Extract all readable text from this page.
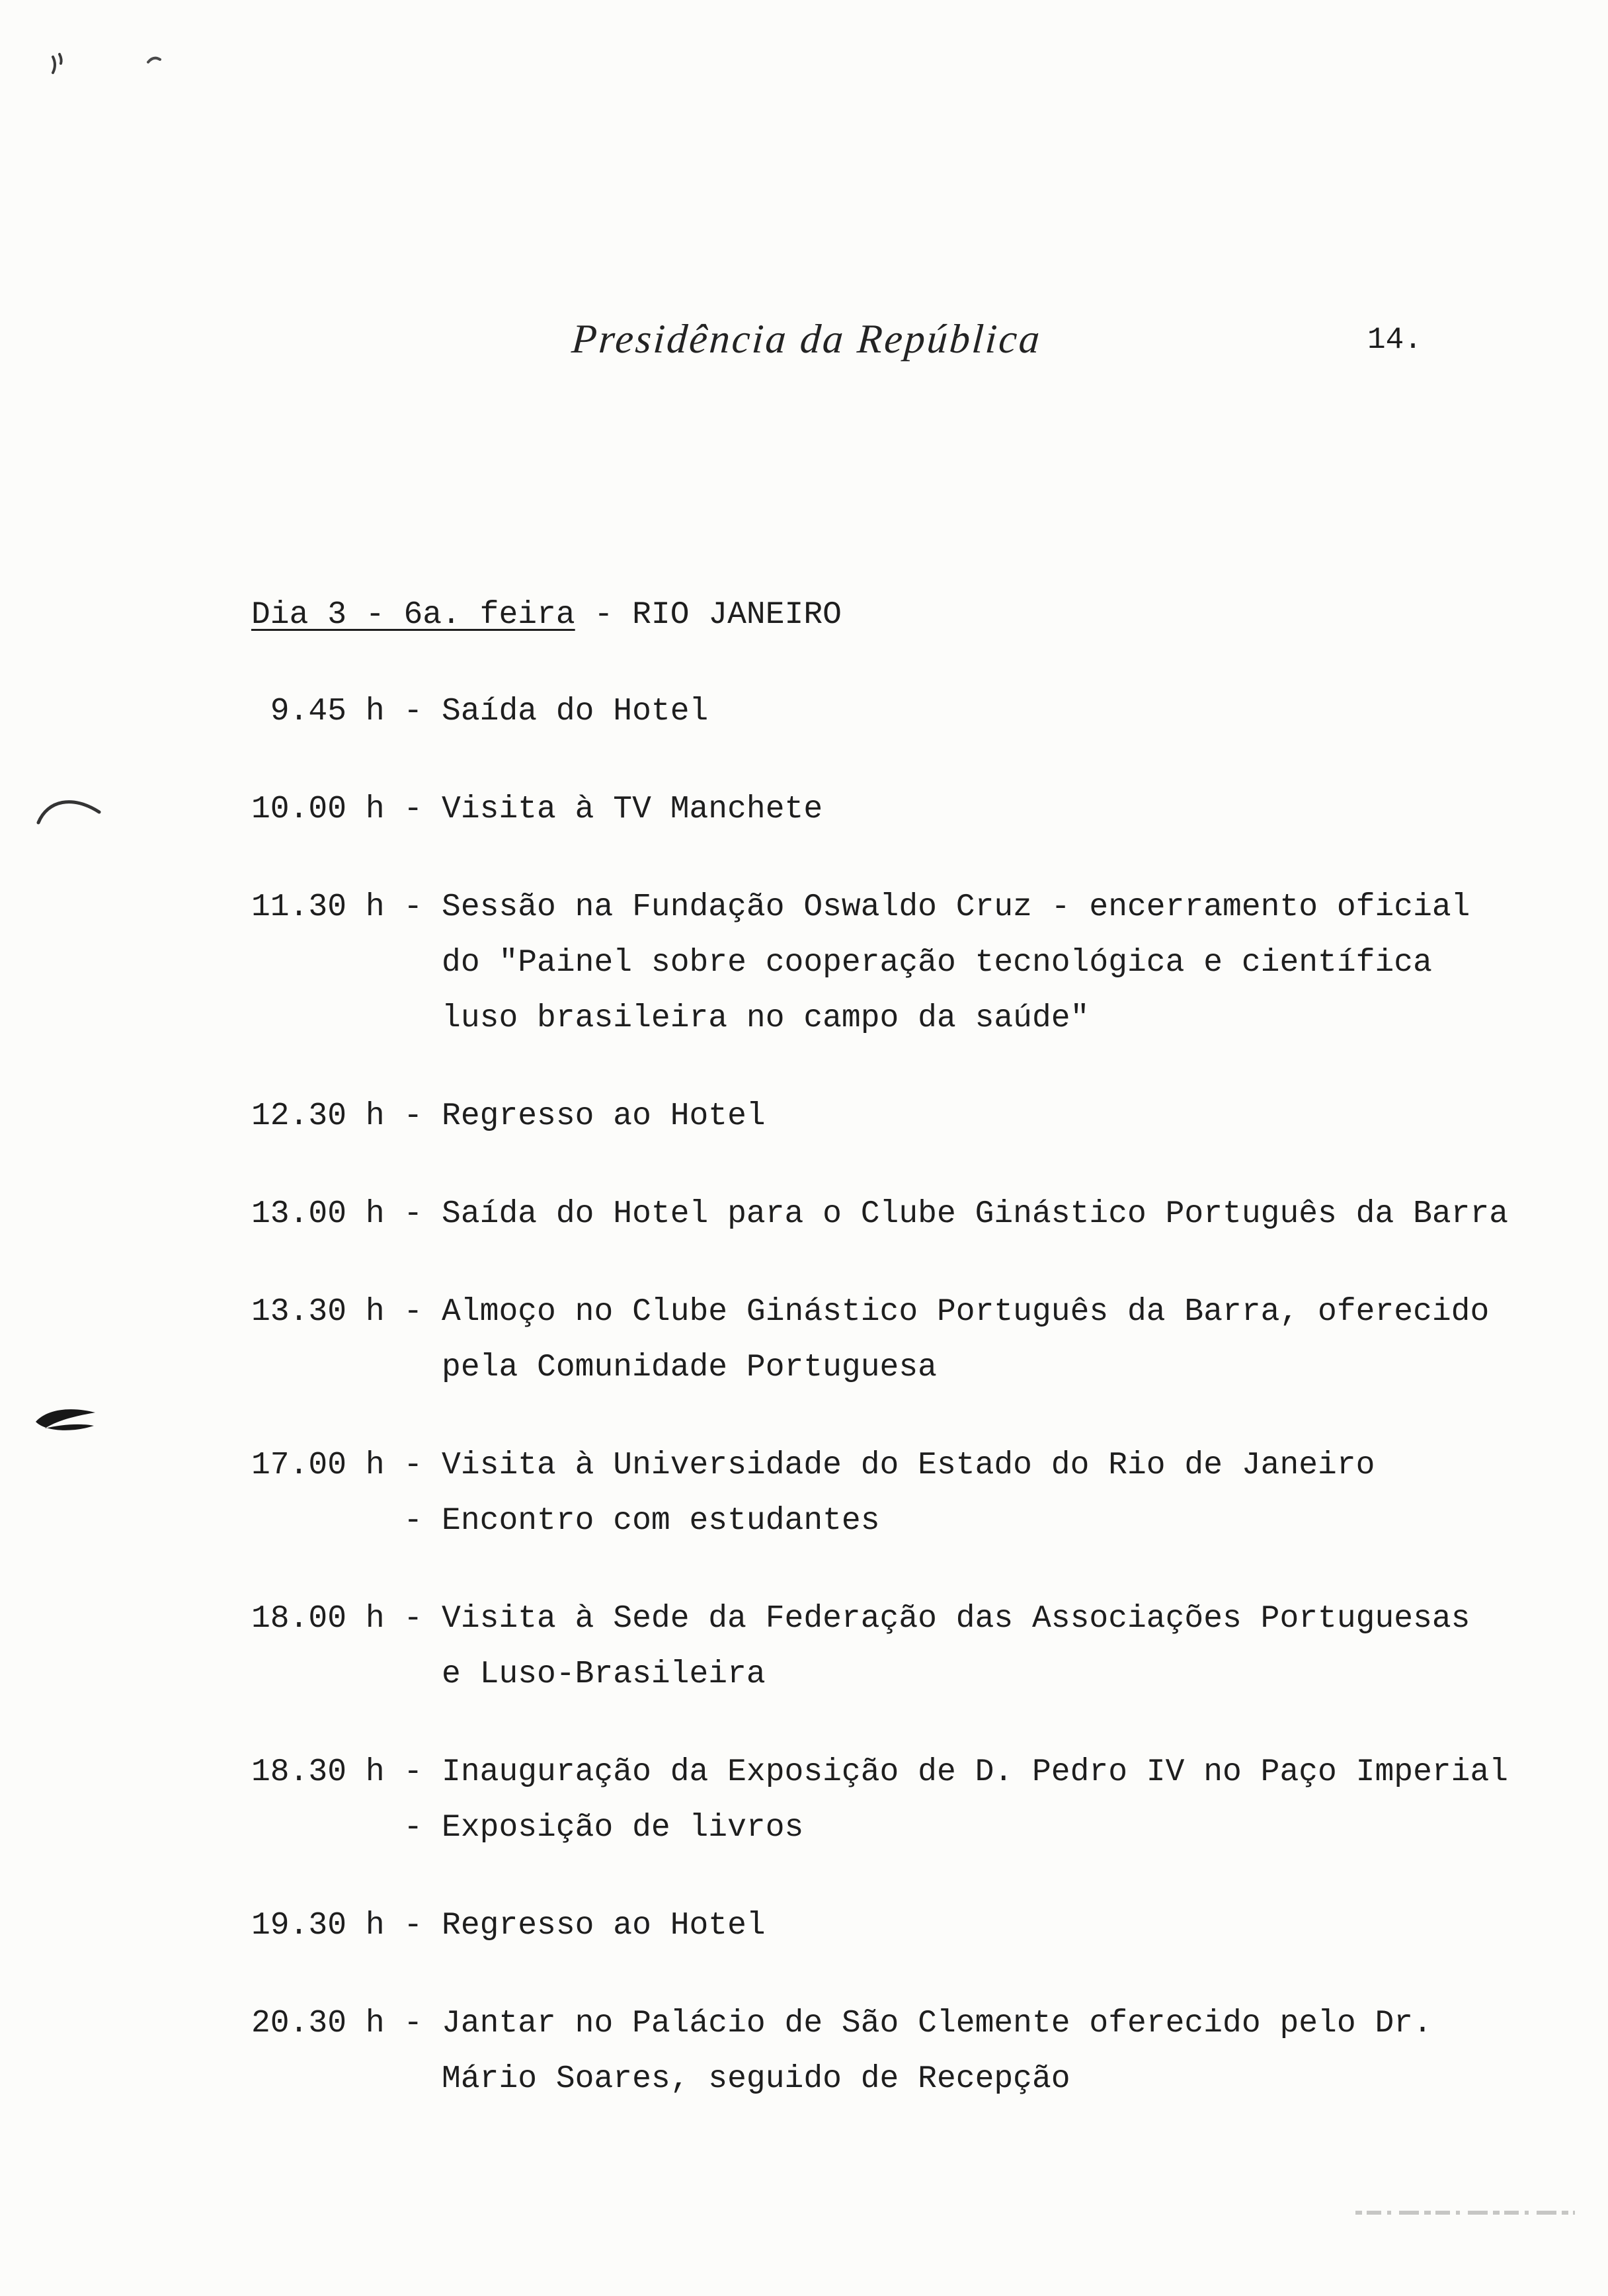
Presidência da República	14.
Dia 3 - 6a. feira - RIO JANEIRO
9.45 h - Saída do Hotel
10.00 h - Visita à TV Manchete
11.30 h - Sessão na Fundação Oswaldo Cruz - encerramento oficial
do "Painel sobre cooperação tecnológica e científica
luso brasileira no campo da saúde"
12.30 h - Regresso ao Hotel
13.00 h - Saída do Hotel para o Clube Ginástico Português da Barra
13.30 h - Almoço no Clube Ginástico Português da Barra, oferecido
pela Comunidade Portuguesa
17.00 h - Visita à Universidade do Estado do Rio de Janeiro
- Encontro com estudantes
18.00 h - Visita à Sede da Federação das Associações Portuguesas
e Luso-Brasileira
18.30 h - Inauguração da Exposição de D. Pedro IV no Paço Imperial
- Exposição de livros
19.30 h - Regresso ao Hotel
20.30 h - Jantar no Palácio de São Clemente oferecido pelo Dr.
Mário Soares, seguido de Recepção
